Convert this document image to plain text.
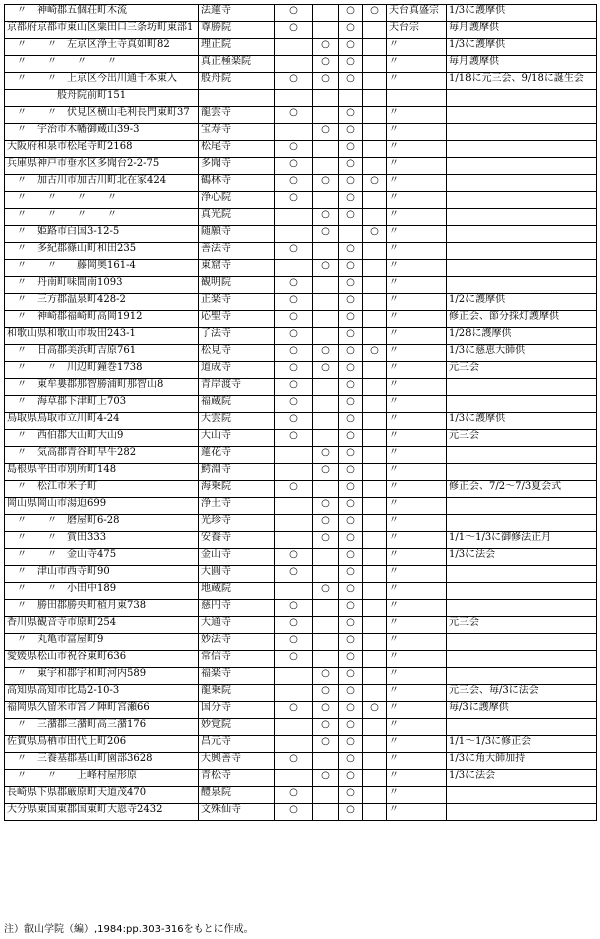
　〃　神崎郡五個荘町木流	法蓮寺	○		○	○	天台真盛宗	1/3に護摩供
京都府京都市東山区粟田口三条坊町東部1	尊勝院	○		○		天台宗	毎月護摩供
　〃　　〃　左京区浄土寺真如町82	理正院		○	○		〃	1/3に護摩供
　〃　　〃　　〃　　〃	真正極楽院		○	○		〃	毎月護摩供
　〃　　〃　上京区今出川通千本東入	般舟院	○	○	○		〃	1/18に元三会、9/18に誕生会
　　　　　般舟院前町151							
　〃　　〃　伏見区横山毛利長門東町37	龍雲寺	○		○		〃	
　〃　宇治市木幡御蔵山39-3	宝寿寺		○	○		〃	
大阪府和泉市松尾寺町2168	松尾寺	○		○		〃	
兵庫県神戸市垂水区多聞台2-2-75	多聞寺	○		○		〃	
　〃　加古川市加古川町北在家424	鶴林寺	○	○	○	○	〃	
　〃　　〃　　〃　　〃	浄心院	○		○		〃	
　〃　　〃　　〃　　〃	真光院		○	○		〃	
　〃　姫路市白国3-12-5	随願寺		○		○	〃	
　〃　多紀郡篠山町和田235	善法寺	○		○		〃	
　〃　　〃　　藤岡奥161-4	東窟寺		○	○		〃	
　〃　丹南町味間南1093	観明院	○		○		〃	
　〃　三方郡温泉町428-2	正楽寺	○		○		〃	1/2に護摩供
　〃　神崎郡福崎町高岡1912	応聖寺	○		○		〃	修正会、節分採灯護摩供
和歌山県和歌山市坂田243-1	了法寺	○		○		〃	1/28に護摩供
　〃　日高郡美浜町吉原761	松見寺	○	○	○	○	〃	1/3に慈恵大師供
　〃　　〃　川辺町鐘巻1738	道成寺	○	○	○		〃	元三会
　〃　東牟婁郡那智勝浦町那智山8	青岸渡寺	○		○		〃	
　〃　海草郡下津町上703	福蔵院	○		○		〃	
鳥取県鳥取市立川町4-24	大雲院	○		○		〃	1/3に護摩供
　〃　西伯郡大山町大山9	大山寺	○		○		〃	元三会
　〃　気高郡青谷町早牛282	蓮花寺		○	○		〃	
島根県平田市別所町148	鰐淵寺		○	○		〃	
　〃　松江市米子町	海乗院	○		○		〃	修正会、7/2～7/3夏会式
岡山県岡山市湯迫699	浄土寺		○	○		〃	
　〃　　〃　磨屋町6-28	光珍寺		○	○		〃	
　〃　　〃　賞田333	安養寺		○	○		〃	1/1～1/3に御修法正月
　〃　　〃　金山寺475	金山寺	○		○		〃	1/3に法会
　〃　津山市西寺町90	大圓寺	○		○		〃	
　〃　　〃　小田中189	地蔵院		○	○		〃	
　〃　勝田郡勝央町植月東738	慈円寺	○		○		〃	
香川県観音寺市原町254	大通寺	○		○		〃	元三会
　〃　丸亀市富屋町9	妙法寺	○		○		〃	
愛媛県松山市祝谷東町636	常信寺	○		○		〃	
　〃　東宇和郡宇和町河内589	福楽寺		○	○		〃	
高知県高知市比島2-10-3	龍乗院		○	○		〃	元三会、毎/3に法会
福岡県久留米市宮ノ陣町宮瀬66	国分寺	○	○	○	○	〃	毎/3に護摩供
　〃　三潴郡三潴町高三潴176	妙覚院		○	○		〃	
佐賀県鳥栖市田代上町206	昌元寺		○	○		〃	1/1～1/3に修正会
　〃　三養基郡基山町園部3628	大興善寺	○		○		〃	1/3に角大師加持
　〃　　〃　　上峰村屋形原	青松寺		○	○		〃	1/3に法会
長崎県下県郡厳原町天道茂470	醴泉院	○		○		〃	
大分県東国東郡国東町大恩寺2432	文殊仙寺	○		○		〃	
注）叡山学院（編）,1984:pp.303-316をもとに作成。
